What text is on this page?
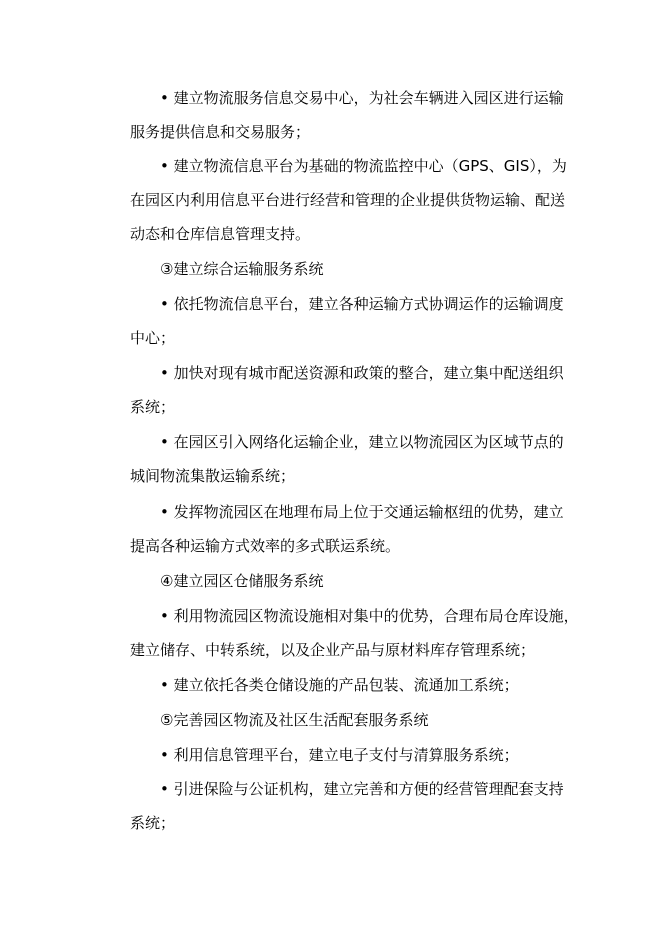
• 建立物流服务信息交易中心，为社会车辆进入园区进行运输
服务提供信息和交易服务；
• 建立物流信息平台为基础的物流监控中心（GPS、GIS），为
在园区内利用信息平台进行经营和管理的企业提供货物运输、配送
动态和仓库信息管理支持。
③建立综合运输服务系统
• 依托物流信息平台，建立各种运输方式协调运作的运输调度
中心；
• 加快对现有城市配送资源和政策的整合，建立集中配送组织
系统；
• 在园区引入网络化运输企业，建立以物流园区为区域节点的
城间物流集散运输系统；
• 发挥物流园区在地理布局上位于交通运输枢纽的优势，建立
提高各种运输方式效率的多式联运系统。
④建立园区仓储服务系统
• 利用物流园区物流设施相对集中的优势，合理布局仓库设施，
建立储存、中转系统，以及企业产品与原材料库存管理系统；
• 建立依托各类仓储设施的产品包装、流通加工系统；
⑤完善园区物流及社区生活配套服务系统
• 利用信息管理平台，建立电子支付与清算服务系统；
• 引进保险与公证机构，建立完善和方便的经营管理配套支持
系统；
